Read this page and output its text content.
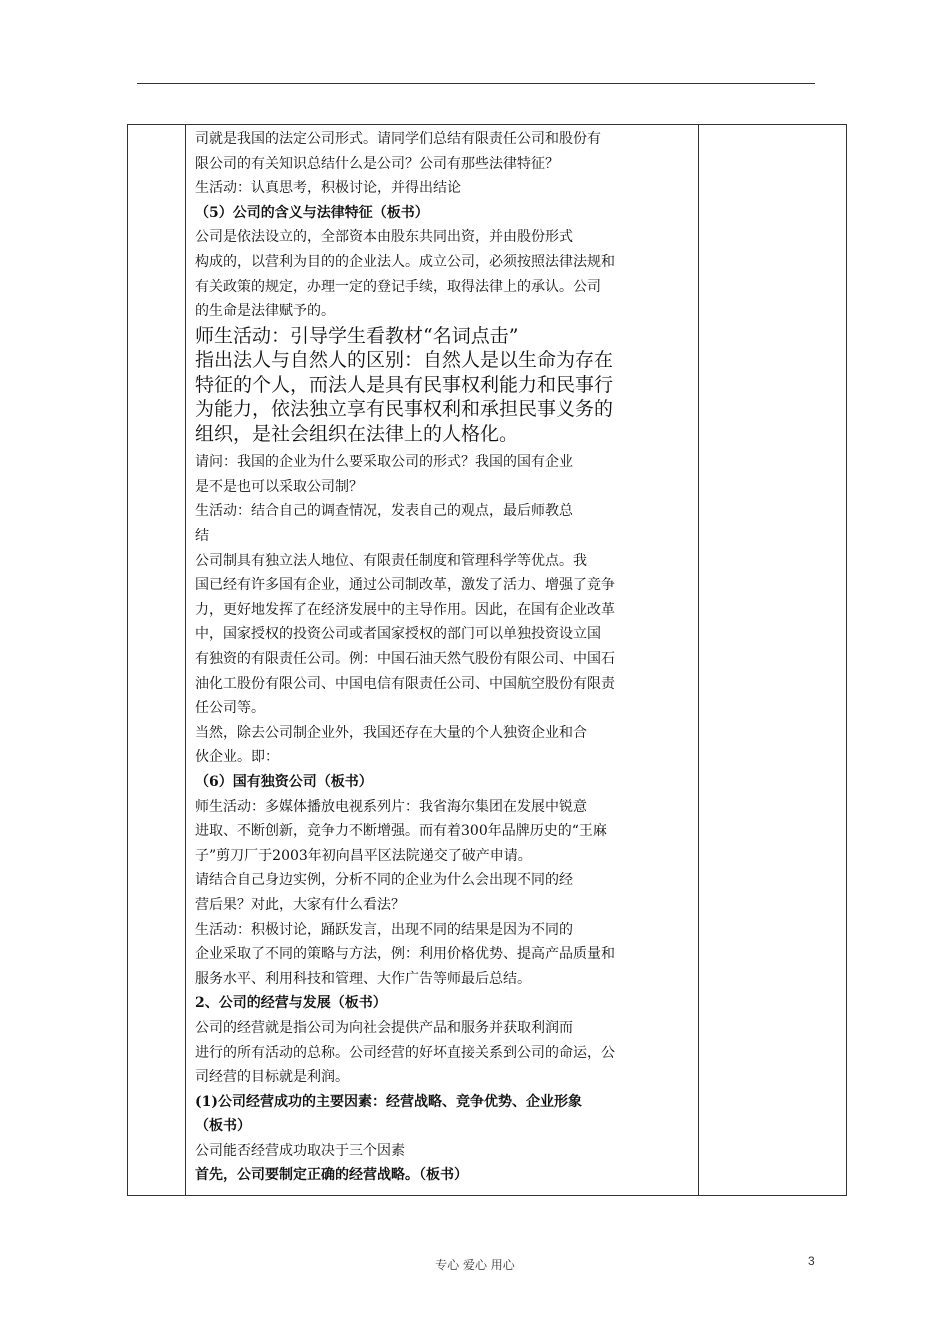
司就是我国的法定公司形式。请同学们总结有限责任公司和股份有
限公司的有关知识总结什么是公司？公司有那些法律特征？
生活动：认真思考，积极讨论，并得出结论
（5）公司的含义与法律特征（板书）
公司是依法设立的，全部资本由股东共同出资，并由股份形式
构成的，以营利为目的的企业法人。成立公司，必须按照法律法规和
有关政策的规定，办理一定的登记手续，取得法律上的承认。公司
的生命是法律赋予的。
师生活动：引导学生看教材“名词点击”
指出法人与自然人的区别：自然人是以生命为存在
特征的个人，而法人是具有民事权利能力和民事行
为能力，依法独立享有民事权利和承担民事义务的
组织，是社会组织在法律上的人格化。
请问：我国的企业为什么要采取公司的形式？我国的国有企业
是不是也可以采取公司制？
生活动：结合自己的调查情况，发表自己的观点，最后师教总
结
公司制具有独立法人地位、有限责任制度和管理科学等优点。我
国已经有许多国有企业，通过公司制改革，激发了活力、增强了竞争
力，更好地发挥了在经济发展中的主导作用。因此，在国有企业改革
中，国家授权的投资公司或者国家授权的部门可以单独投资设立国
有独资的有限责任公司。例：中国石油天然气股份有限公司、中国石
油化工股份有限公司、中国电信有限责任公司、中国航空股份有限责
任公司等。
当然，除去公司制企业外，我国还存在大量的个人独资企业和合
伙企业。即：
（6）国有独资公司（板书）
师生活动：多媒体播放电视系列片：我省海尔集团在发展中锐意
进取、不断创新，竞争力不断增强。而有着300年品牌历史的“王麻
子”剪刀厂于2003年初向昌平区法院递交了破产申请。
请结合自己身边实例，分析不同的企业为什么会出现不同的经
营后果？对此，大家有什么看法？
生活动：积极讨论，踊跃发言，出现不同的结果是因为不同的
企业采取了不同的策略与方法，例：利用价格优势、提高产品质量和
服务水平、利用科技和管理、大作广告等师最后总结。
2、公司的经营与发展（板书）
公司的经营就是指公司为向社会提供产品和服务并获取利润而
进行的所有活动的总称。公司经营的好坏直接关系到公司的命运，公
司经营的目标就是利润。
(1)公司经营成功的主要因素：经营战略、竞争优势、企业形象
（板书）
公司能否经营成功取决于三个因素
首先，公司要制定正确的经营战略。（板书）
专心 爱心 用心	3
